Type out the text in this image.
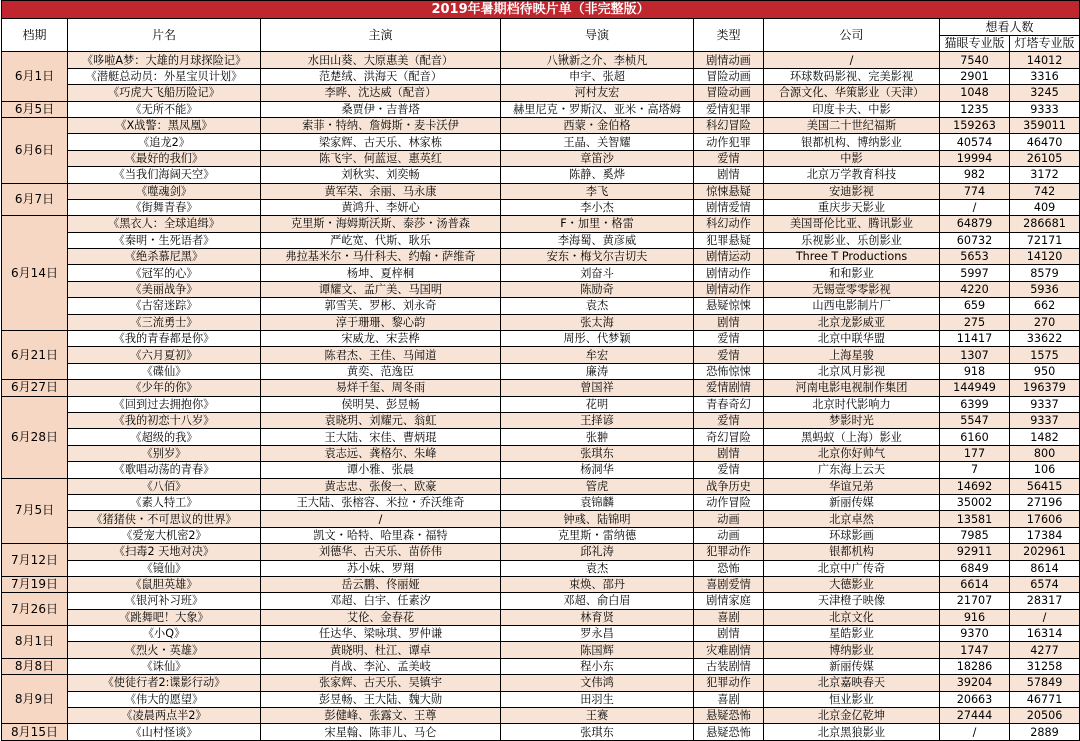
2019年暑期档待映片单（非完整版）							
档期	片名	主演	导演	类型	公司	想看人数	
						猫眼专业版	灯塔专业版
6月1日	《哆啦A梦：大雄的月球探险记》	水田山葵、大原惠美（配音）	八锹新之介、李桢凡	剧情动画	/	7540	14012
	《潜艇总动员：外星宝贝计划》	范楚绒、洪海天（配音）	申宇、张超	冒险动画	环球数码影视、完美影视	2901	3316
	《巧虎大飞船历险记》	李晔、沈达威（配音）	河村友宏	冒险动画	合源文化、华策影业（天津）	1048	3245
6月5日	《无所不能》	桑贾伊・吉普塔	赫里尼克・罗斯汉、亚米・高塔姆	爱情犯罪	印度卡夫、中影	1235	9333
6月6日	《X战警：黑凤凰》	索菲・特纳、詹姆斯・麦卡沃伊	西蒙・金伯格	科幻冒险	美国二十世纪福斯	159263	359011
	《追龙2》	梁家辉、古天乐、林家栋	王晶、关智耀	动作犯罪	银都机构、博纳影业	40574	46470
	《最好的我们》	陈飞宇、何蓝逗、惠英红	章笛沙	爱情	中影	19994	26105
	《当我们海阔天空》	刘秋实、刘奕畅	陈静、奚烨	剧情	北京万学教育科技	982	3172
6月7日	《噬魂剑》	黄军荣、余丽、马永康	李飞	惊悚悬疑	安迪影视	774	742
	《街舞青春》	黄鸿升、李妍心	李小杰	剧情爱情	重庆步天影业	/	409
6月14日	《黑衣人：全球追缉》	克里斯・海姆斯沃斯、泰莎・汤普森	F・加里・格雷	科幻动作	美国哥伦比亚、腾讯影业	64879	286681
	《秦明・生死语者》	严屹宽、代斯、耿乐	李海蜀、黄彦威	犯罪悬疑	乐视影业、乐创影业	60732	72171
	《绝杀慕尼黑》	弗拉基米尔・马什科夫、约翰・萨维奇	安东・梅戈尔吉切夫	剧情运动	Three T Productions	5653	14120
	《冠军的心》	杨坤、夏梓桐	刘奋斗	剧情动作	和和影业	5997	8579
	《美丽战争》	谭耀文、孟广美、马国明	陈励奇	剧情动作	无锡壹零零影视	4220	5936
	《古窑迷踪》	郭雪芙、罗彬、刘永奇	袁杰	悬疑惊悚	山西电影制片厂	659	662
	《三流勇士》	淳于珊珊、黎心韵	张太海	剧情	北京龙影威亚	275	270
6月21日	《我的青春都是你》	宋威龙、宋芸桦	周彤、代梦颖	爱情	北京中联华盟	11417	33622
	《六月夏初》	陈君杰、王佳、马闻道	牟宏	爱情	上海星骏	1307	1575
	《碟仙》	黄奕、范逸臣	廉涛	恐怖惊悚	北京风月影视	918	950
6月27日	《少年的你》	易烊千玺、周冬雨	曾国祥	爱情剧情	河南电影电视制作集团	144949	196379
6月28日	《回到过去拥抱你》	侯明昊、彭昱畅	花明	青春奇幻	北京时代影响力	6399	9337
	《我的初恋十八岁》	袁晓玥、刘耀元、翁虹	王择谚	爱情	梦影时光	5547	9337
	《超级的我》	王大陆、宋佳、曹炳琨	张翀	奇幻冒险	黑蚂蚁（上海）影业	6160	1482
	《别岁》	袁志远、龚格尔、朱峰	张琪东	剧情	北京你好帅气	177	800
	《歌唱动荡的青春》	谭小雅、张晨	杨洞华	爱情	广东海上云天	7	106
7月5日	《八佰》	黄志忠、张俊一、欧豪	管虎	战争历史	华谊兄弟	14692	56415
	《素人特工》	王大陆、张榕容、米拉・乔沃维奇	袁锦麟	动作冒险	新丽传媒	35002	27196
	《猪猪侠・不可思议的世界》	/	钟彧、陆锦明	动画	北京卓然	13581	17606
	《爱宠大机密2》	凯文・哈特、哈里森・福特	克里斯・雷纳德	动画	环球影画	7985	17384
7月12日	《扫毒2 天地对决》	刘德华、古天乐、苗侨伟	邱礼涛	犯罪动作	银都机构	92911	202961
	《镜仙》	苏小妹、罗翔	袁杰	恐怖	北京中广传奇	6849	8614
7月19日	《鼠胆英雄》	岳云鹏、佟丽娅	束焕、邵丹	喜剧爱情	大德影业	6614	6574
7月26日	《银河补习班》	邓超、白宇、任素汐	邓超、俞白眉	剧情家庭	天津橙子映像	21707	28317
	《跳舞吧！大象》	艾伦、金春花	林育贤	喜剧	北京文化	916	/
8月1日	《小Q》	任达华、梁咏琪、罗仲谦	罗永昌	剧情	星皓影业	9370	16314
	《烈火・英雄》	黄晓明、杜江、谭卓	陈国辉	灾难剧情	博纳影业	1747	4277
8月8日	《诛仙》	肖战、李沁、孟美岐	程小东	古装剧情	新丽传媒	18286	31258
8月9日	《使徒行者2:谍影行动》	张家辉、古天乐、吴镇宇	文伟鸿	犯罪动作	北京嘉映春天	39204	57849
	《伟大的愿望》	彭昱畅、王大陆、魏大勋	田羽生	喜剧	恒业影业	20663	46771
	《凌晨两点半2》	彭健峰、张露文、王尊	王赛	悬疑恐怖	北京金亿乾坤	27444	20506
8月15日	《山村怪谈》	宋星翰、陈菲儿、马仑	张琪东	悬疑恐怖	北京黑狼影业	/	2889
